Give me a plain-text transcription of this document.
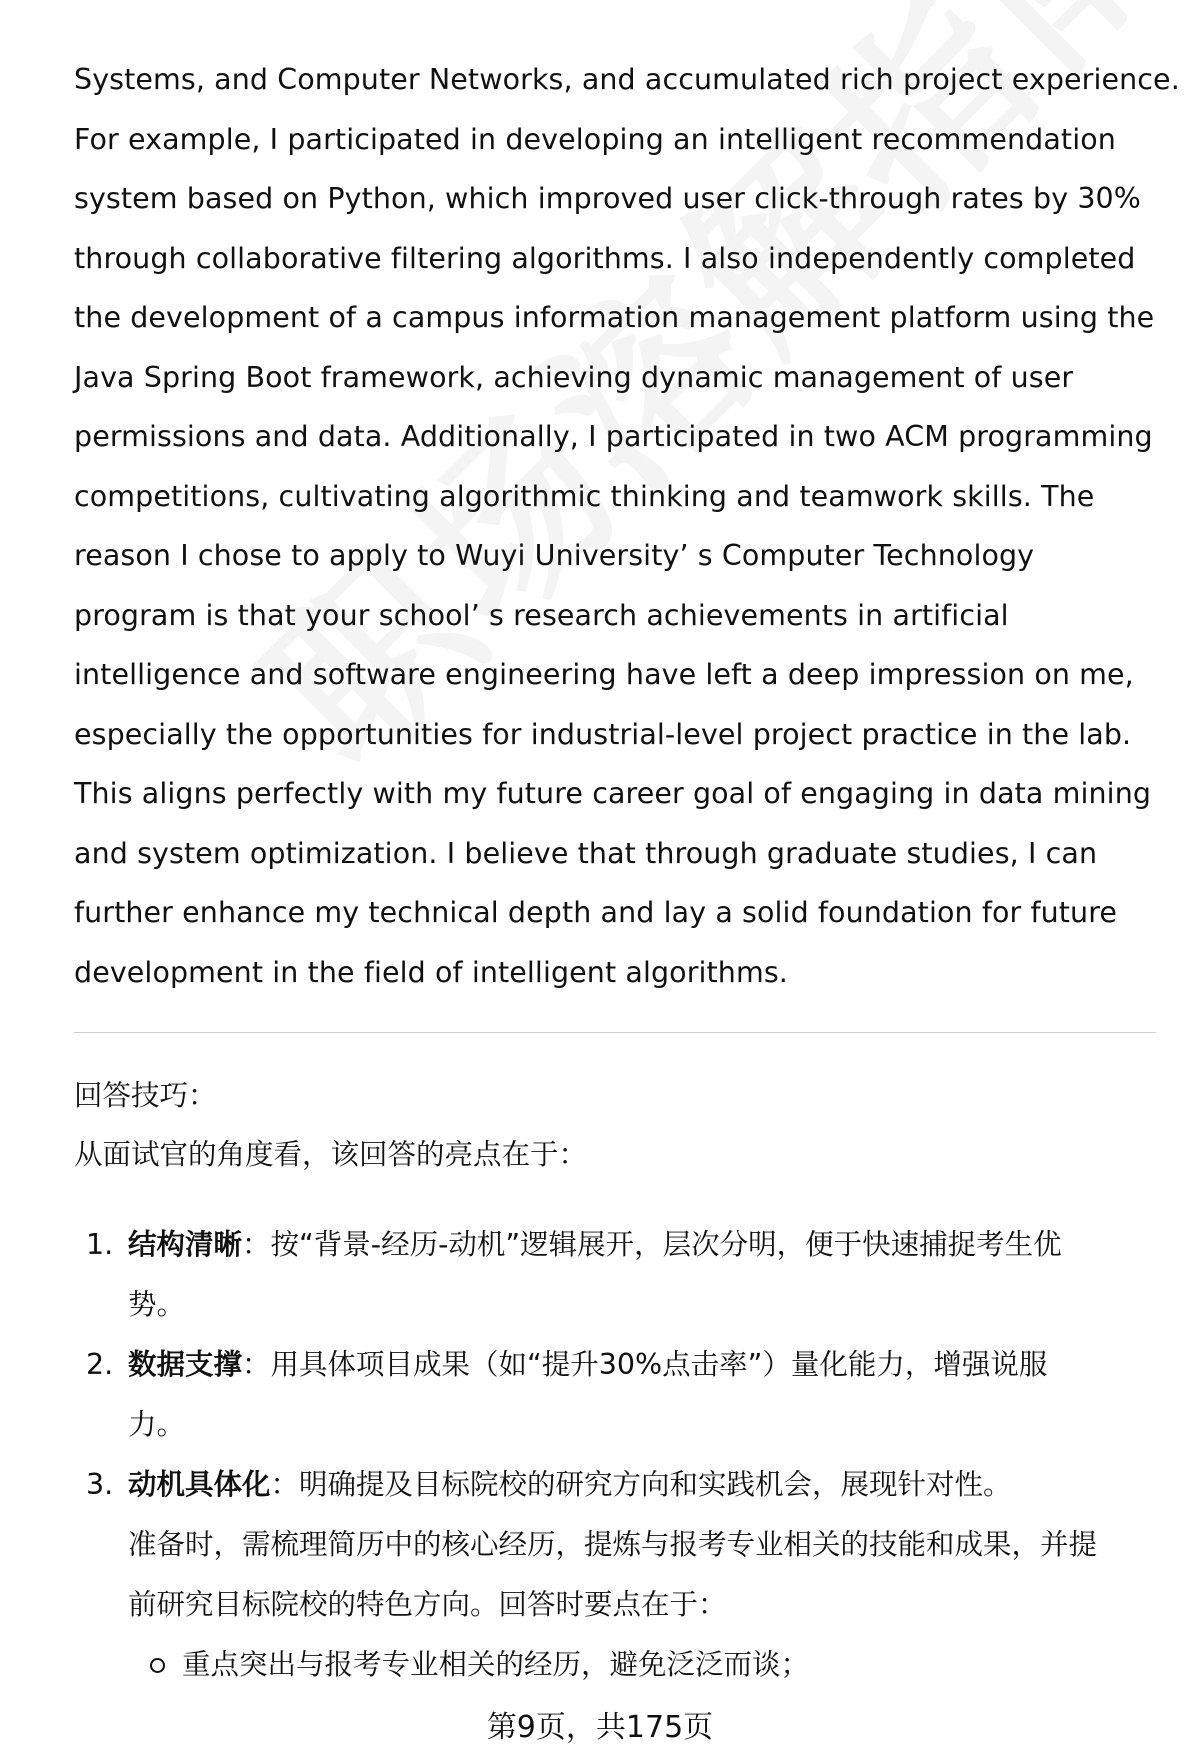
Systems, and Computer Networks, and accumulated rich project experience.
For example, I participated in developing an intelligent recommendation
system based on Python, which improved user click-through rates by 30%
through collaborative filtering algorithms. I also independently completed
the development of a campus information management platform using the
Java Spring Boot framework, achieving dynamic management of user
permissions and data. Additionally, I participated in two ACM programming
competitions, cultivating algorithmic thinking and teamwork skills. The
reason I chose to apply to Wuyi University’ s Computer Technology
program is that your school’ s research achievements in artificial
intelligence and software engineering have left a deep impression on me,
especially the opportunities for industrial-level project practice in the lab.
This aligns perfectly with my future career goal of engaging in data mining
and system optimization. I believe that through graduate studies, I can
further enhance my technical depth and lay a solid foundation for future
development in the field of intelligent algorithms.
回答技巧：
从面试官的角度看，该回答的亮点在于：
1. 结构清晰：按“背景-经历-动机”逻辑展开，层次分明，便于快速捕捉考生优
势。
2. 数据支撑：用具体项目成果（如“提升30%点击率”）量化能力，增强说服
力。
3. 动机具体化：明确提及目标院校的研究方向和实践机会，展现针对性。
准备时，需梳理简历中的核心经历，提炼与报考专业相关的技能和成果，并提
前研究目标院校的特色方向。回答时要点在于：
重点突出与报考专业相关的经历，避免泛泛而谈；
第9页，共175页
